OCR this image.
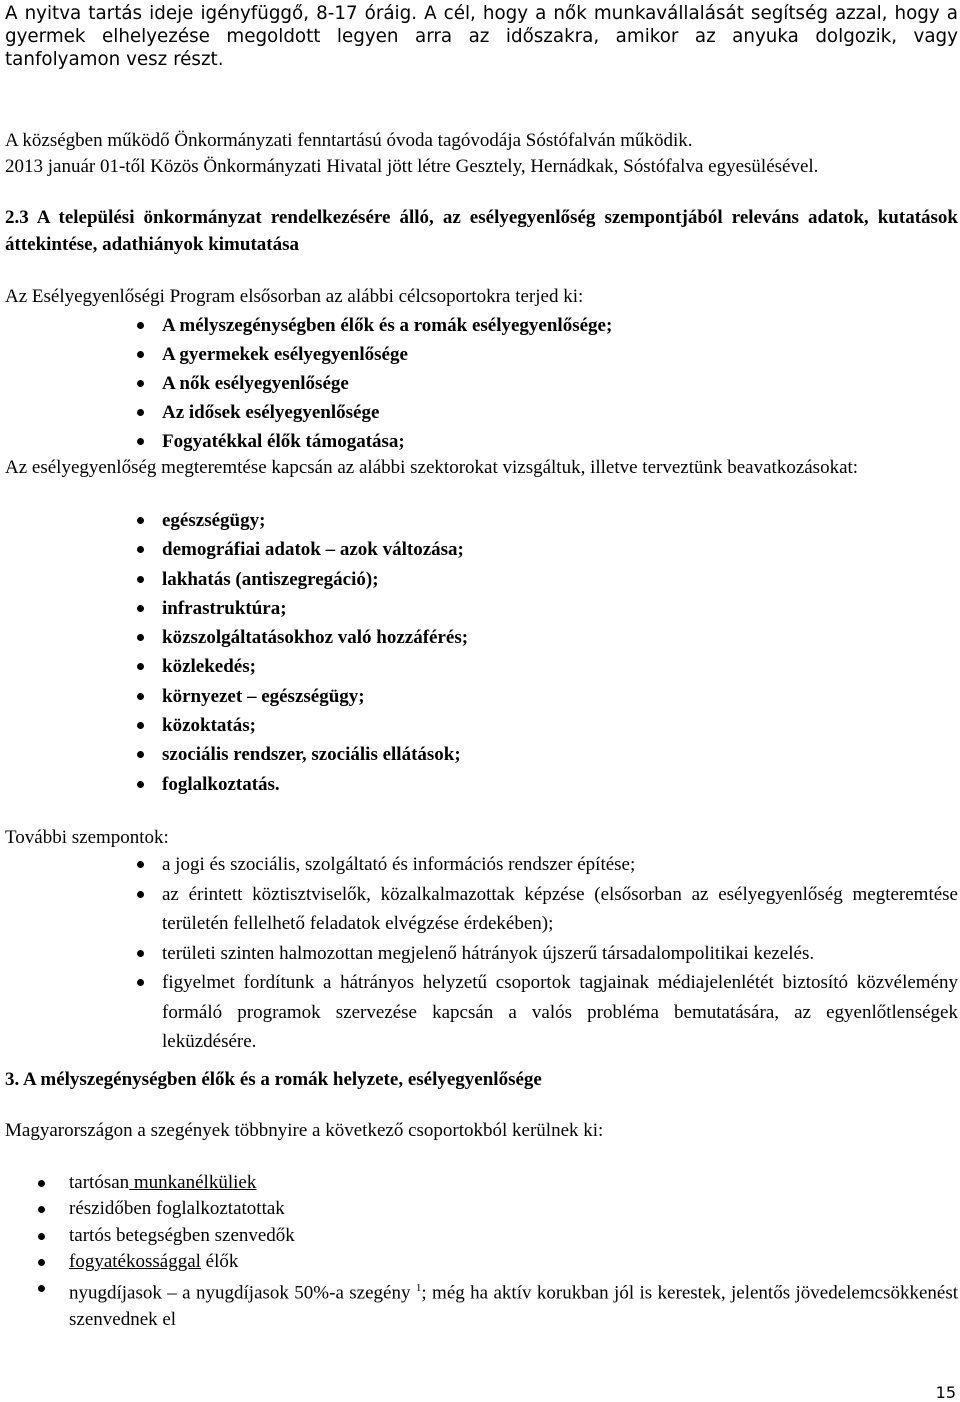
A nyitva tartás ideje igényfüggő, 8-17 óráig. A cél, hogy a nők munkavállalását segítség azzal, hogy a gyermek elhelyezése megoldott legyen arra az időszakra, amikor az anyuka dolgozik, vagy tanfolyamon vesz részt.

A községben működő Önkormányzati fenntartású óvoda tagóvodája Sóstófalván működik.

2013 január 01-től Közös Önkormányzati Hivatal jött létre Gesztely, Hernádkak, Sóstófalva egyesülésével.

2.3 A települési önkormányzat rendelkezésére álló, az esélyegyenlőség szempontjából releváns adatok, kutatások áttekintése, adathiányok kimutatása

Az Esélyegyenlőségi Program elsősorban az alábbi célcsoportokra terjed ki:

A mélyszegénységben élők és a romák esélyegyenlősége;
A gyermekek esélyegyenlősége
A nők esélyegyenlősége
Az idősek esélyegyenlősége
Fogyatékkal élők támogatása;

Az esélyegyenlőség megteremtése kapcsán az alábbi szektorokat vizsgáltuk, illetve terveztünk beavatkozásokat:

egészségügy;
demográfiai adatok – azok változása;
lakhatás (antiszegregáció);
infrastruktúra;
közszolgáltatásokhoz való hozzáférés;
közlekedés;
környezet – egészségügy;
közoktatás;
szociális rendszer, szociális ellátások;
foglalkoztatás.

További szempontok:

a jogi és szociális, szolgáltató és információs rendszer építése;
az érintett köztisztviselők, közalkalmazottak képzése (elsősorban az esélyegyenlőség megteremtése területén fellelhető feladatok elvégzése érdekében);
területi szinten halmozottan megjelenő hátrányok újszerű társadalompolitikai kezelés.
figyelmet fordítunk a hátrányos helyzetű csoportok tagjainak médiajelenlétét biztosító közvélemény formáló programok szervezése kapcsán a valós probléma bemutatására, az egyenlőtlenségek leküzdésére.

3. A mélyszegénységben élők és a romák helyzete, esélyegyenlősége

Magyarországon a szegények többnyire a következő csoportokból kerülnek ki:

tartósan munkanélküliek
részidőben foglalkoztatottak
tartós betegségben szenvedők
fogyatékossággal élők
nyugdíjasok – a nyugdíjasok 50%-a szegény $^1$; még ha aktív korukban jól is kerestek, jelentős jövedelemcsökkenést szenvednek el
15
